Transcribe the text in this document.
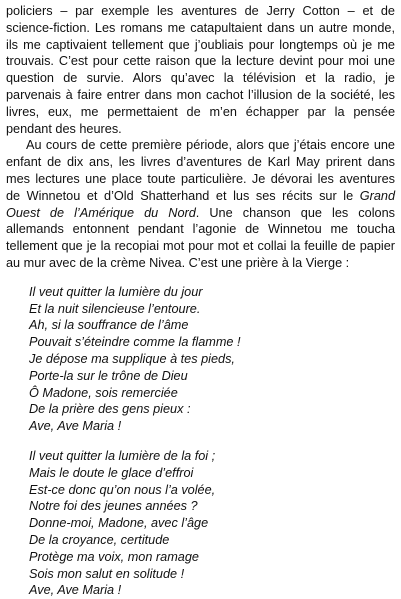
policiers – par exemple les aventures de Jerry Cotton – et de science-fiction. Les romans me catapultaient dans un autre monde, ils me captivaient tellement que j’oubliais pour longtemps où je me trouvais. C’est pour cette raison que la lecture devint pour moi une question de survie. Alors qu’avec la télévision et la radio, je parvenais à faire entrer dans mon cachot l’illusion de la société, les livres, eux, me permettaient de m’en échapper par la pensée pendant des heures.

Au cours de cette première période, alors que j’étais encore une enfant de dix ans, les livres d’aventures de Karl May prirent dans mes lectures une place toute particulière. Je dévorai les aventures de Winnetou et d’Old Shatterhand et lus ses récits sur le Grand Ouest de l’Amérique du Nord. Une chanson que les colons allemands entonnent pendant l’agonie de Winnetou me toucha tellement que je la recopiai mot pour mot et collai la feuille de papier au mur avec de la crème Nivea. C’est une prière à la Vierge :

Il veut quitter la lumière du jour
Et la nuit silencieuse l’entoure.
Ah, si la souffrance de l’âme
Pouvait s’éteindre comme la flamme !
Je dépose ma supplique à tes pieds,
Porte-la sur le trône de Dieu
Ô Madone, sois remerciée
De la prière des gens pieux :
Ave, Ave Maria !
Il veut quitter la lumière de la foi ;
Mais le doute le glace d’effroi
Est-ce donc qu’on nous l’a volée,
Notre foi des jeunes années ?
Donne-moi, Madone, avec l’âge
De la croyance, certitude
Protège ma voix, mon ramage
Sois mon salut en solitude !
Ave, Ave Maria !
